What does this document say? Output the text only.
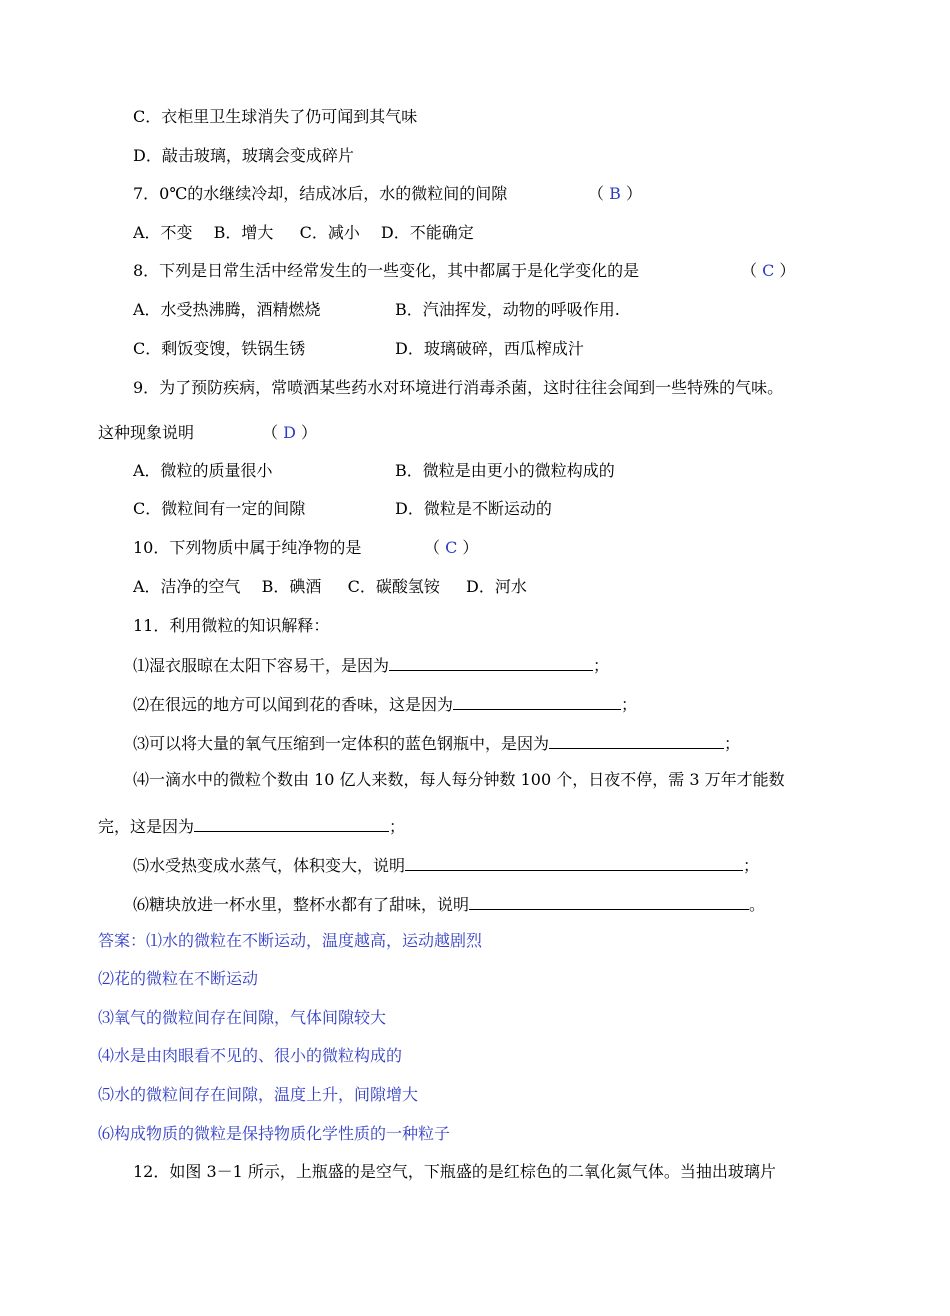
C．衣柜里卫生球消失了仍可闻到其气味
D．敲击玻璃，玻璃会变成碎片
7．0℃的水继续冷却，结成冰后，水的微粒间的间隙	（ B ）
A．不变　 B．增大　  C．减小　 D．不能确定
8．下列是日常生活中经常发生的一些变化，其中都属于是化学变化的是	（ C ）
A．水受热沸腾，酒精燃烧	B．汽油挥发，动物的呼吸作用.
C．剩饭变馊，铁锅生锈	D．玻璃破碎，西瓜榨成汁
9．为了预防疾病，常喷洒某些药水对环境进行消毒杀菌，这时往往会闻到一些特殊的气味。
这种现象说明	（ D ）
A．微粒的质量很小	B．微粒是由更小的微粒构成的
C．微粒间有一定的间隙	D．微粒是不断运动的
10．下列物质中属于纯净物的是	（ C ）
A．洁净的空气　 B．碘酒　  C．碳酸氢铵　  D．河水
11．利用微粒的知识解释：
⑴湿衣服晾在太阳下容易干，是因为	；
⑵在很远的地方可以闻到花的香味，这是因为	；
⑶可以将大量的氧气压缩到一定体积的蓝色钢瓶中，是因为	；
⑷一滴水中的微粒个数由 10 亿人来数，每人每分钟数 100 个，日夜不停，需 3 万年才能数
完，这是因为	；
⑸水受热变成水蒸气，体积变大，说明	；
⑹糖块放进一杯水里，整杯水都有了甜味，说明	。
答案：⑴水的微粒在不断运动，温度越高，运动越剧烈
⑵花的微粒在不断运动
⑶氧气的微粒间存在间隙，气体间隙较大
⑷水是由肉眼看不见的、很小的微粒构成的
⑸水的微粒间存在间隙，温度上升，间隙增大
⑹构成物质的微粒是保持物质化学性质的一种粒子
12．如图 3－1 所示，上瓶盛的是空气，下瓶盛的是红棕色的二氧化氮气体。当抽出玻璃片
